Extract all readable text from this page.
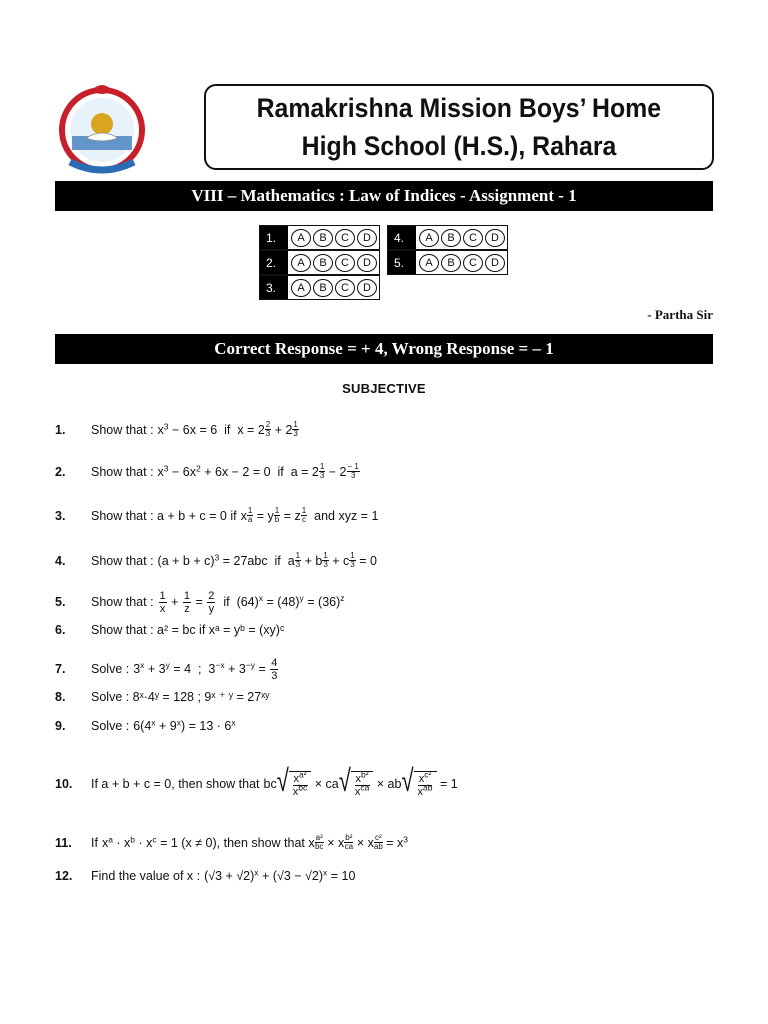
Ramakrishna Mission Boys’ Home
High School (H.S.), Rahara
VIII – Mathematics : Law of Indices - Assignment - 1
1.	A	B	C	D
2.	A	B	C	D
3.	A	B	C	D
4.	A	B	C	D
5.	A	B	C	D
- Partha Sir
Correct Response = + 4, Wrong Response = – 1
SUBJECTIVE
1.	Show that : $x^3 - 6x = 6$  if  $x = 2 \frac{2}{3} + 2 \frac{1}{3}$
2.	Show that : $x^3 - 6x^2 + 6x - 2 = 0$  if  $a = 2 \frac{1}{3} - 2 \frac{- 1}{3}$
3.	Show that : a + b + c = 0 if x $\frac{1}{a} = y \frac{1}{b} = z \frac{1}{c}$ and xyz = 1
4.	Show that : $(a + b + c)^3 = 27abc$  if  a $\frac{1}{3} + b \frac{1}{3} + c \frac{1}{3} = 0$
5.	Show that : $\frac{1}{x} + \frac{1}{z} = \frac{2}{y}$ if  $(64)^x = (48)^y = (36)^z$
6.	Show that : a² = bc if xᵃ = yᵇ = (xy)ᶜ
7.	Solve : $3^x + 3^y = 4$  ;  $3^{-x} + 3^{-y} = \frac{4}{3}$
8.	Solve : 8ˣ·4ʸ = 128 ; 9ˣ ⁺ ʸ = 27ˣʸ
9.	Solve : $6(4^x + 9^x) = 13 \cdot 6^x$
10.	If a + b + c = 0, then show that bc √ $\frac{x^{a^2}}{x^{bc}}$ × ca √ $\frac{x^{b^2}}{x^{ca}}$ × ab √ $\frac{x^{c^2}}{x^{ab}} = 1$
11.	If $x^a \cdot x^b \cdot x^c = 1$ (x ≠ 0), then show that x $\frac{\text{a²}}{bc} \times x \frac{\text{b²}}{ca} \times x \frac{\text{c²}}{ab} = x^3$
12.	Find the value of x : $(√3 + √2)^x + (√3 - √2)^x = 10$
